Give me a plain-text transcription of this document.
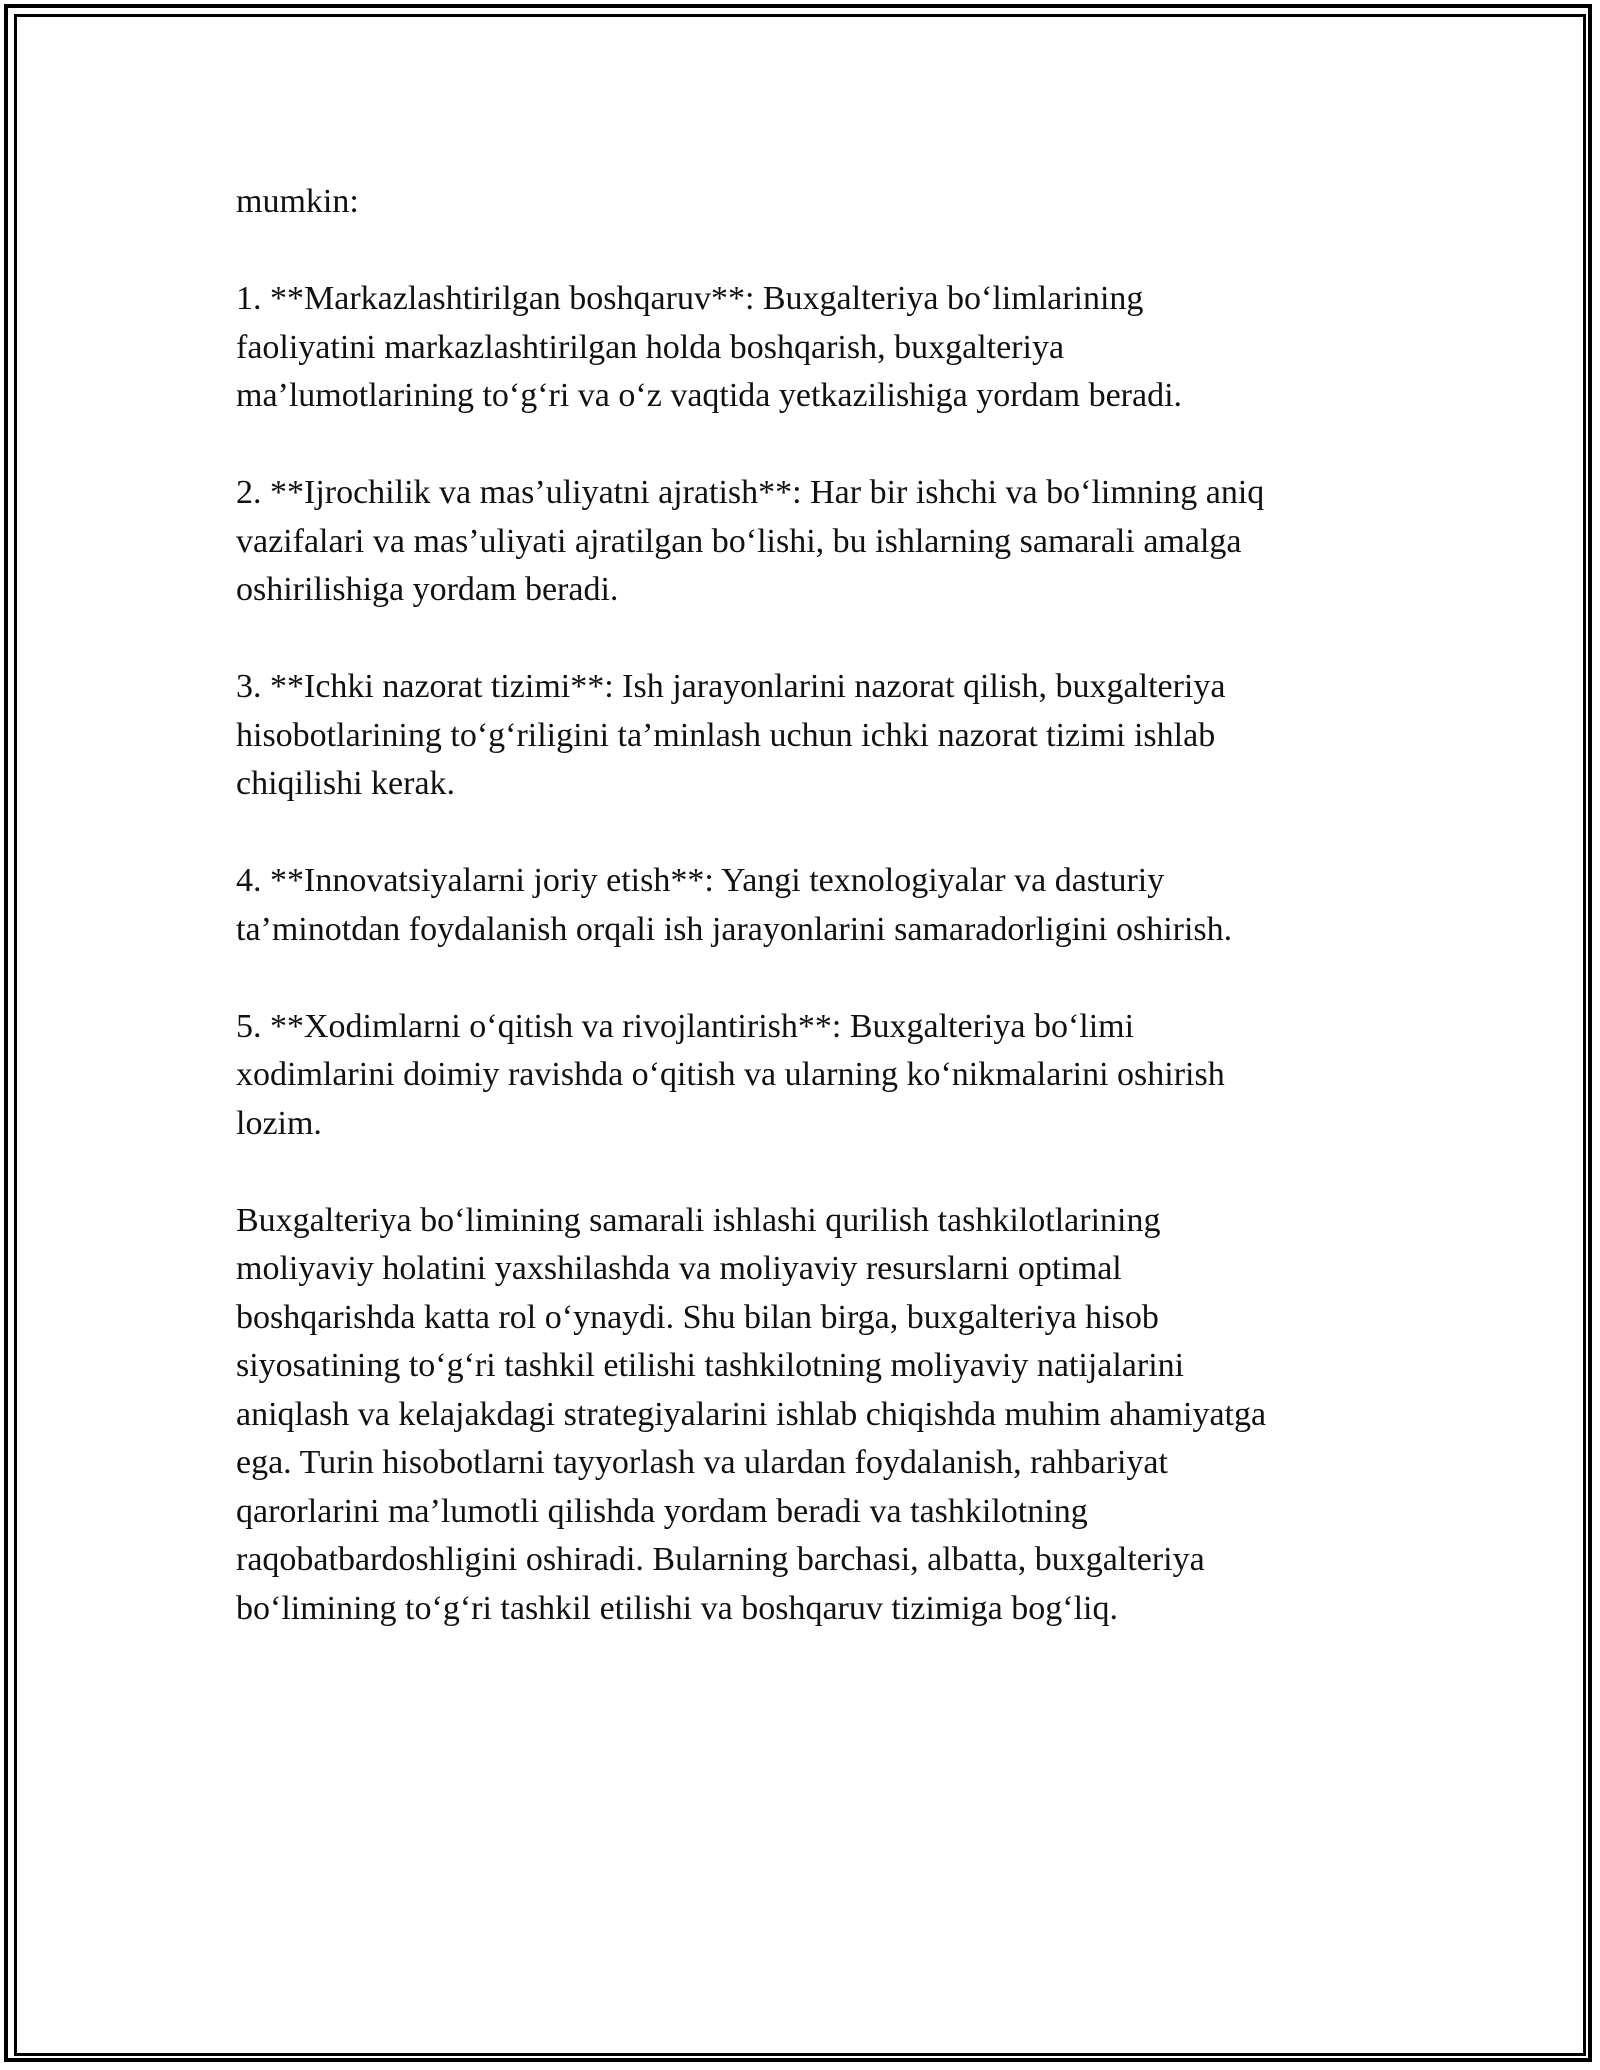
mumkin:

1. **Markazlashtirilgan boshqaruv**: Buxgalteriya bo‘limlarining
faoliyatini markazlashtirilgan holda boshqarish, buxgalteriya
ma’lumotlarining to‘g‘ri va o‘z vaqtida yetkazilishiga yordam beradi.

2. **Ijrochilik va mas’uliyatni ajratish**: Har bir ishchi va bo‘limning aniq
vazifalari va mas’uliyati ajratilgan bo‘lishi, bu ishlarning samarali amalga
oshirilishiga yordam beradi.

3. **Ichki nazorat tizimi**: Ish jarayonlarini nazorat qilish, buxgalteriya
hisobotlarining to‘g‘riligini ta’minlash uchun ichki nazorat tizimi ishlab
chiqilishi kerak.

4. **Innovatsiyalarni joriy etish**: Yangi texnologiyalar va dasturiy
ta’minotdan foydalanish orqali ish jarayonlarini samaradorligini oshirish.

5. **Xodimlarni o‘qitish va rivojlantirish**: Buxgalteriya bo‘limi
xodimlarini doimiy ravishda o‘qitish va ularning ko‘nikmalarini oshirish
lozim.

Buxgalteriya bo‘limining samarali ishlashi qurilish tashkilotlarining
moliyaviy holatini yaxshilashda va moliyaviy resurslarni optimal
boshqarishda katta rol o‘ynaydi. Shu bilan birga, buxgalteriya hisob
siyosatining to‘g‘ri tashkil etilishi tashkilotning moliyaviy natijalarini
aniqlash va kelajakdagi strategiyalarini ishlab chiqishda muhim ahamiyatga
ega. Turin hisobotlarni tayyorlash va ulardan foydalanish, rahbariyat
qarorlarini ma’lumotli qilishda yordam beradi va tashkilotning
raqobatbardoshligini oshiradi. Bularning barchasi, albatta, buxgalteriya
bo‘limining to‘g‘ri tashkil etilishi va boshqaruv tizimiga bog‘liq.
